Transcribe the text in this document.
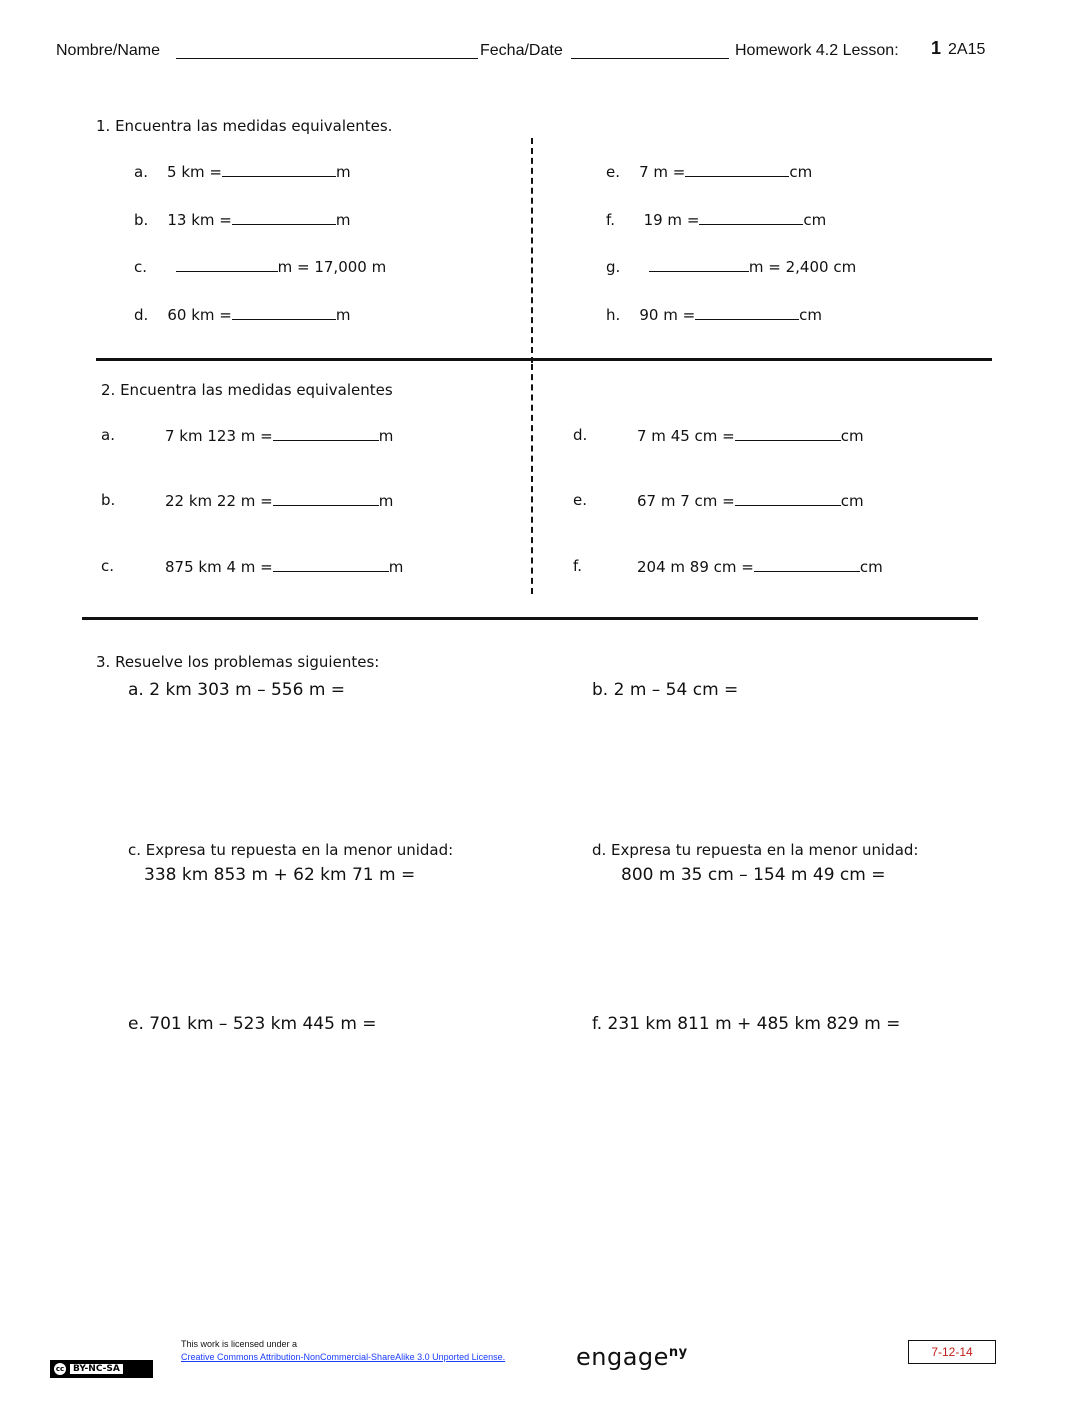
Nombre/Name	Fecha/Date	Homework 4.2 Lesson: 1 2A15
1. Encuentra las medidas equivalentes.
a. 5 km =	m
b. 13 km =	m
c.	m = 17,000 m
d. 60 km =	m
e. 7 m =	cm
f. 19 m =	cm
g.	m = 2,400 cm
h. 90 m =	cm
2. Encuentra las medidas equivalentes
a.	7 km 123 m =	m
b.	22 km 22 m =	m
c.	875 km 4 m =	m
d.	7 m 45 cm =	cm
e.	67 m 7 cm =	cm
f.	204 m 89 cm =	cm
3. Resuelve los problemas siguientes:
a. 2 km 303 m – 556 m =	b. 2 m – 54 cm =
c. Expresa tu repuesta en la menor unidad:
338 km 853 m + 62 km 71 m =
d. Expresa tu repuesta en la menor unidad:
800 m 35 cm – 154 m 49 cm =
e. 701 km – 523 km 445 m =	f. 231 km 811 m + 485 km 829 m =
cc BY-NC-SA
This work is licensed under a
Creative Commons Attribution-NonCommercial-ShareAlike 3.0 Unported License.	engage$^{ny}$	7-12-14
